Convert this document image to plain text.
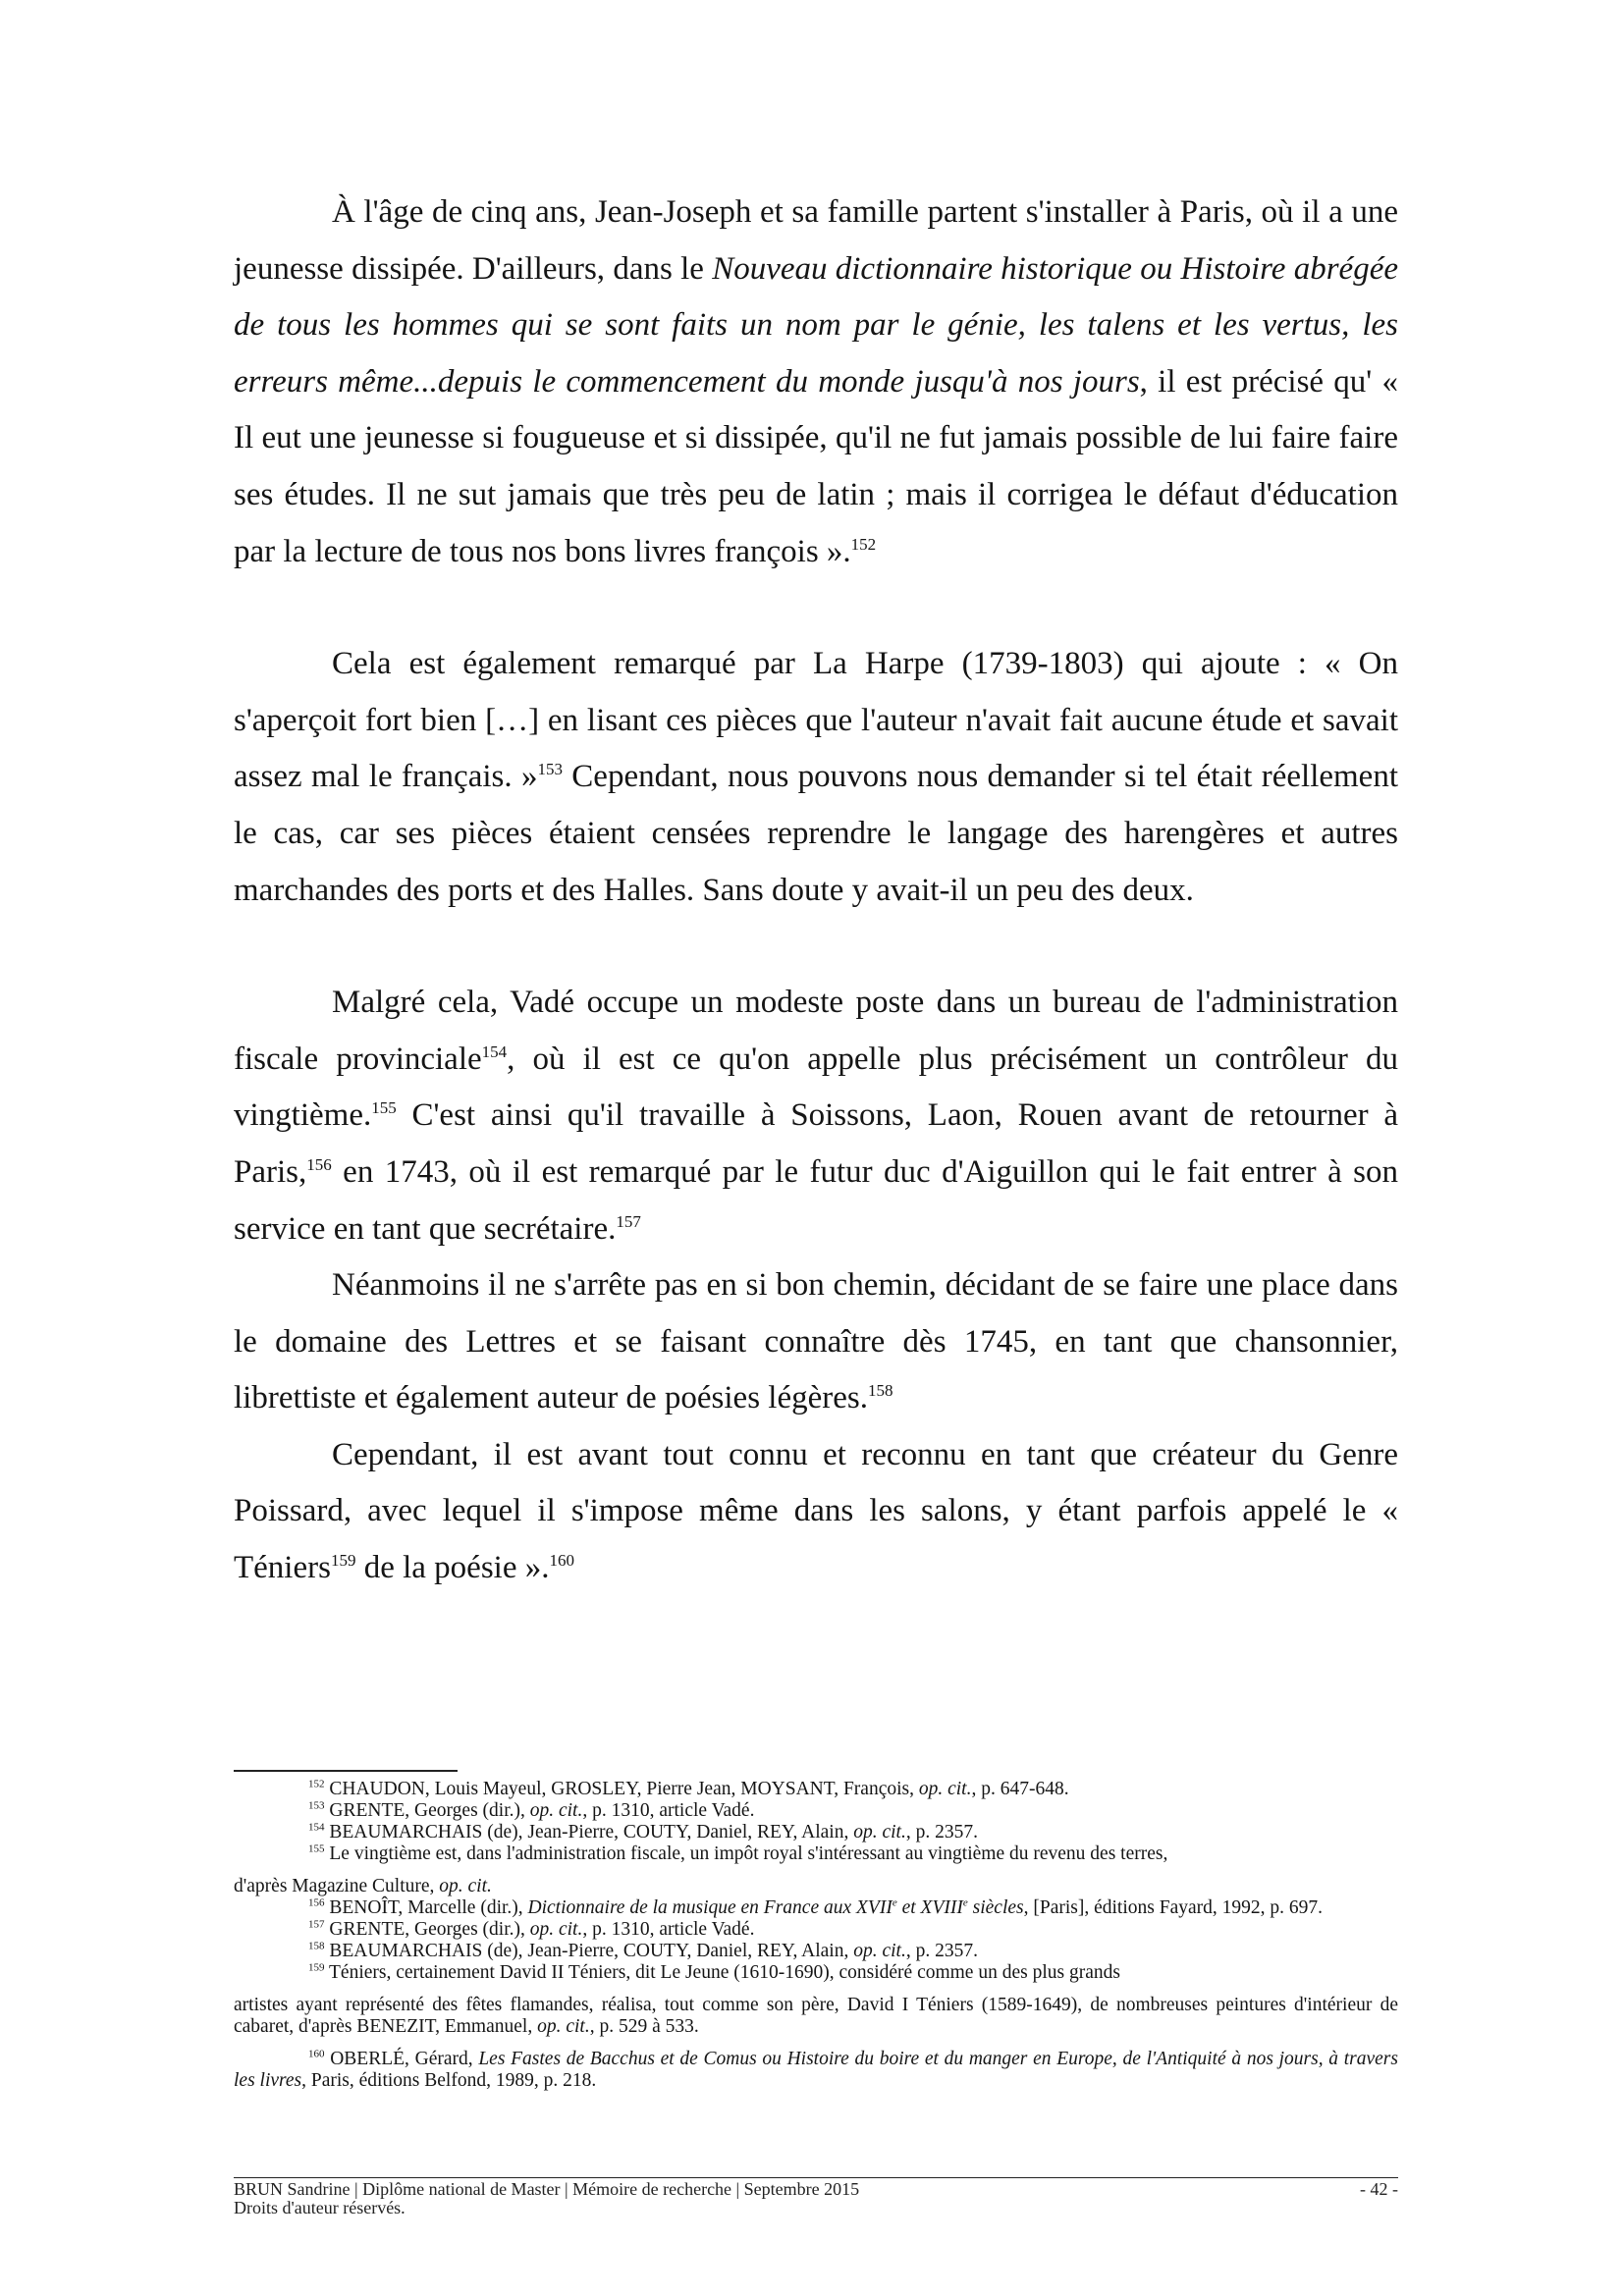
À l'âge de cinq ans, Jean-Joseph et sa famille partent s'installer à Paris, où il a une jeunesse dissipée. D'ailleurs, dans le Nouveau dictionnaire historique ou Histoire abrégée de tous les hommes qui se sont faits un nom par le génie, les talens et les vertus, les erreurs même...depuis le commencement du monde jusqu'à nos jours, il est précisé qu' « Il eut une jeunesse si fougueuse et si dissipée, qu'il ne fut jamais possible de lui faire faire ses études. Il ne sut jamais que très peu de latin ; mais il corrigea le défaut d'éducation par la lecture de tous nos bons livres françois ».$^{152}$

Cela est également remarqué par La Harpe (1739-1803) qui ajoute : « On s'aperçoit fort bien […] en lisant ces pièces que l'auteur n'avait fait aucune étude et savait assez mal le français. »$^{153}$ Cependant, nous pouvons nous demander si tel était réellement le cas, car ses pièces étaient censées reprendre le langage des harengères et autres marchandes des ports et des Halles. Sans doute y avait-il un peu des deux.

Malgré cela, Vadé occupe un modeste poste dans un bureau de l'administration fiscale provinciale$^{154}$, où il est ce qu'on appelle plus précisément un contrôleur du vingtième.$^{155}$ C'est ainsi qu'il travaille à Soissons, Laon, Rouen avant de retourner à Paris,$^{156}$ en 1743, où il est remarqué par le futur duc d'Aiguillon qui le fait entrer à son service en tant que secrétaire.$^{157}$

Néanmoins il ne s'arrête pas en si bon chemin, décidant de se faire une place dans le domaine des Lettres et se faisant connaître dès 1745, en tant que chansonnier, librettiste et également auteur de poésies légères.$^{158}$

Cependant, il est avant tout connu et reconnu en tant que créateur du Genre Poissard, avec lequel il s'impose même dans les salons, y étant parfois appelé le « Téniers$^{159}$ de la poésie ».$^{160}$

$^{152}$ CHAUDON, Louis Mayeul, GROSLEY, Pierre Jean, MOYSANT, François, op. cit., p. 647-648.

$^{153}$ GRENTE, Georges (dir.), op. cit., p. 1310, article Vadé.

$^{154}$ BEAUMARCHAIS (de), Jean-Pierre, COUTY, Daniel, REY, Alain, op. cit., p. 2357.

$^{155}$ Le vingtième est, dans l'administration fiscale, un impôt royal s'intéressant au vingtième du revenu des terres,

d'après Magazine Culture, op. cit.

$^{156}$ BENOÎT, Marcelle (dir.), Dictionnaire de la musique en France aux XVIIe et XVIIIe siècles, [Paris], éditions Fayard, 1992, p. 697.

$^{157}$ GRENTE, Georges (dir.), op. cit., p. 1310, article Vadé.

$^{158}$ BEAUMARCHAIS (de), Jean-Pierre, COUTY, Daniel, REY, Alain, op. cit., p. 2357.

$^{159}$ Téniers, certainement David II Téniers, dit Le Jeune (1610-1690), considéré comme un des plus grands

artistes ayant représenté des fêtes flamandes, réalisa, tout comme son père, David I Téniers (1589-1649), de nombreuses peintures d'intérieur de cabaret, d'après BENEZIT, Emmanuel, op. cit., p. 529 à 533.

$^{160}$ OBERLÉ, Gérard, Les Fastes de Bacchus et de Comus ou Histoire du boire et du manger en Europe, de l'Antiquité à nos jours, à travers les livres, Paris, éditions Belfond, 1989, p. 218.

BRUN Sandrine | Diplôme national de Master | Mémoire de recherche | Septembre 2015	- 42 -
Droits d'auteur réservés.
